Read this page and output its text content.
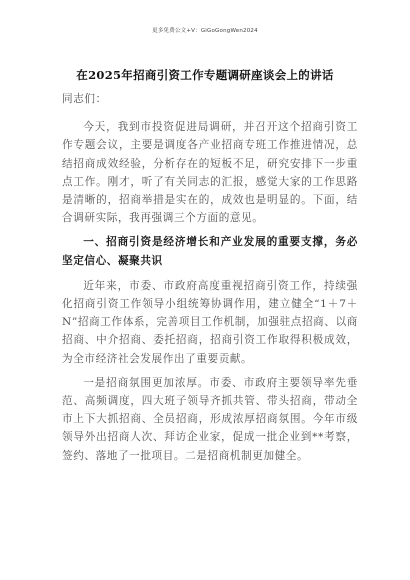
更多免费公文+V：GiGoGongWen2024
在2025年招商引资工作专题调研座谈会上的讲话

同志们：

今天，我到市投资促进局调研，并召开这个招商引资工作专题会议，主要是调度各产业招商专班工作推进情况，总结招商成效经验，分析存在的短板不足，研究安排下一步重点工作。刚才，听了有关同志的汇报，感觉大家的工作思路是清晰的，招商举措是实在的，成效也是明显的。下面，结合调研实际，我再强调三个方面的意见。

一、招商引资是经济增长和产业发展的重要支撑，务必坚定信心、凝聚共识

近年来，市委、市政府高度重视招商引资工作，持续强化招商引资工作领导小组统筹协调作用，建立健全“1＋7＋N”招商工作体系，完善项目工作机制，加强驻点招商、以商招商、中介招商、委托招商，招商引资工作取得积极成效，为全市经济社会发展作出了重要贡献。

一是招商氛围更加浓厚。市委、市政府主要领导率先垂范、高频调度，四大班子领导齐抓共管、带头招商，带动全市上下大抓招商、全员招商，形成浓厚招商氛围。今年市级领导外出招商人次、拜访企业家，促成一批企业到**考察，签约、落地了一批项目。二是招商机制更加健全。
